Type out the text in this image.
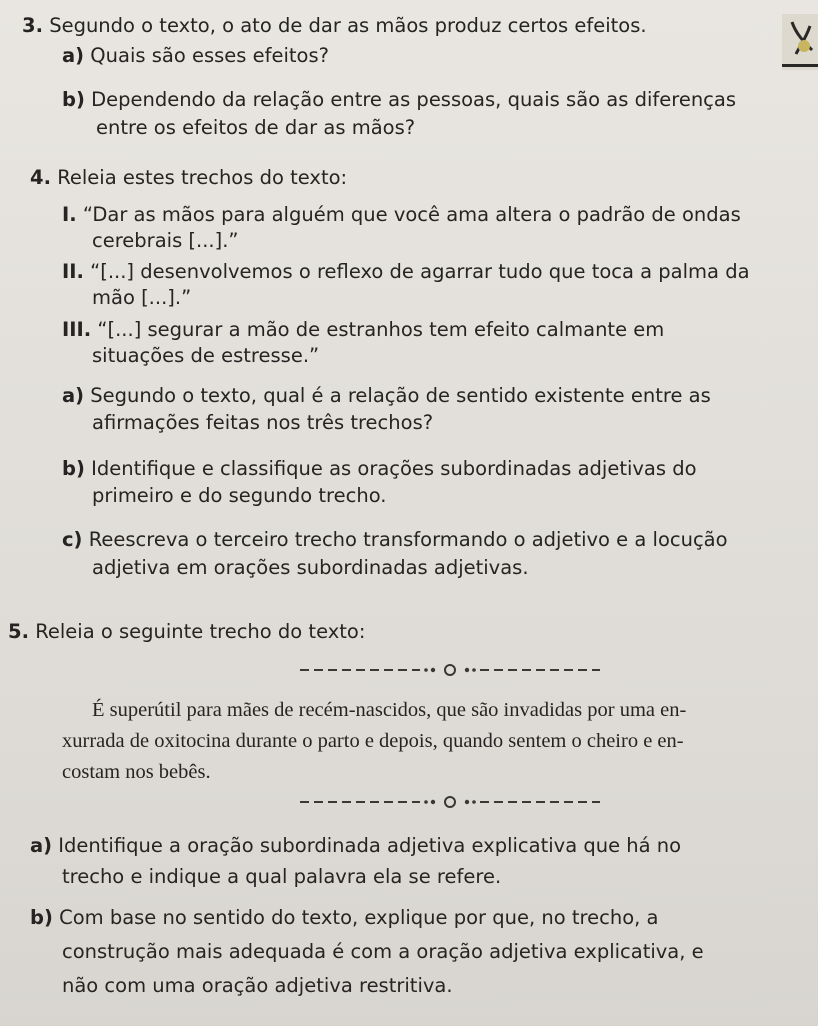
3. Segundo o texto, o ato de dar as mãos produz certos efeitos.
a) Quais são esses efeitos?
b) Dependendo da relação entre as pessoas, quais são as diferenças
entre os efeitos de dar as mãos?
4. Releia estes trechos do texto:
I. “Dar as mãos para alguém que você ama altera o padrão de ondas
cerebrais [...].”
II. “[...] desenvolvemos o reflexo de agarrar tudo que toca a palma da
mão [...].”
III. “[...] segurar a mão de estranhos tem efeito calmante em
situações de estresse.”
a) Segundo o texto, qual é a relação de sentido existente entre as
afirmações feitas nos três trechos?
b) Identifique e classifique as orações subordinadas adjetivas do
primeiro e do segundo trecho.
c) Reescreva o terceiro trecho transformando o adjetivo e a locução
adjetiva em orações subordinadas adjetivas.
5. Releia o seguinte trecho do texto:
É superútil para mães de recém-nascidos, que são invadidas por uma en-
xurrada de oxitocina durante o parto e depois, quando sentem o cheiro e en-
costam nos bebês.
a) Identifique a oração subordinada adjetiva explicativa que há no
trecho e indique a qual palavra ela se refere.
b) Com base no sentido do texto, explique por que, no trecho, a
construção mais adequada é com a oração adjetiva explicativa, e
não com uma oração adjetiva restritiva.
